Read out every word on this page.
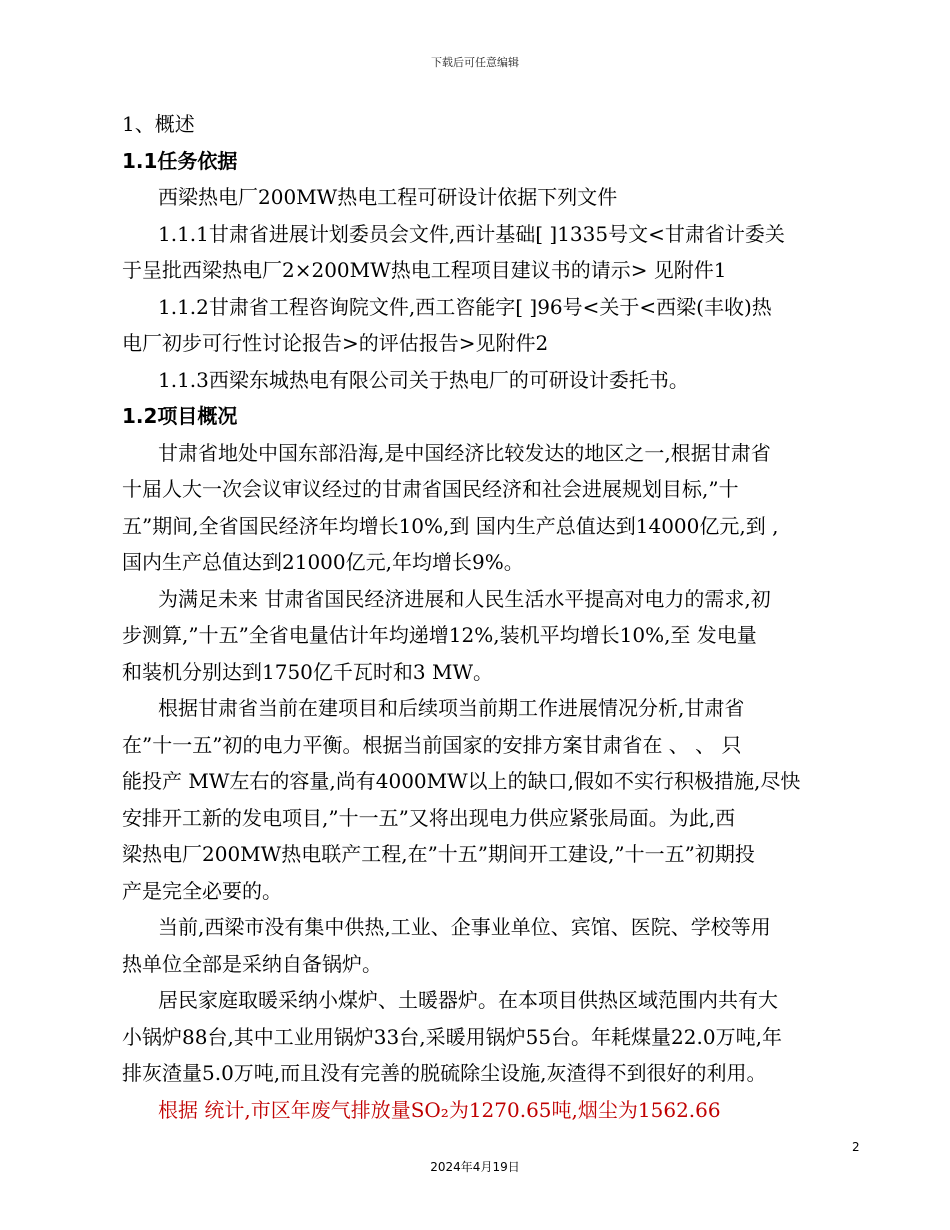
下载后可任意编辑
1、概述
1.1任务依据
西梁热电厂200MW热电工程可研设计依据下列文件
1.1.1甘肃省进展计划委员会文件,西计基础[ ]1335号文<甘肃省计委关
于呈批西梁热电厂2×200MW热电工程项目建议书的请示> 见附件1
1.1.2甘肃省工程咨询院文件,西工咨能字[ ]96号<关于<西梁(丰收)热
电厂初步可行性讨论报告>的评估报告>见附件2
1.1.3西梁东城热电有限公司关于热电厂的可研设计委托书。
1.2项目概况
甘肃省地处中国东部沿海,是中国经济比较发达的地区之一,根据甘肃省
十届人大一次会议审议经过的甘肃省国民经济和社会进展规划目标,”十
五”期间,全省国民经济年均增长10%,到 国内生产总值达到14000亿元,到 ,
国内生产总值达到21000亿元,年均增长9%。
为满足未来 甘肃省国民经济进展和人民生活水平提高对电力的需求,初
步测算,”十五”全省电量估计年均递增12%,装机平均增长10%,至 发电量
和装机分别达到1750亿千瓦时和3 MW。
根据甘肃省当前在建项目和后续项当前期工作进展情况分析,甘肃省
在”十一五”初的电力平衡。根据当前国家的安排方案甘肃省在 、 、 只
能投产 MW左右的容量,尚有4000MW以上的缺口,假如不实行积极措施,尽快
安排开工新的发电项目,”十一五”又将出现电力供应紧张局面。为此,西
梁热电厂200MW热电联产工程,在”十五”期间开工建设,”十一五”初期投
产是完全必要的。
当前,西梁市没有集中供热,工业、企事业单位、宾馆、医院、学校等用
热单位全部是采纳自备锅炉。
居民家庭取暖采纳小煤炉、土暖器炉。在本项目供热区域范围内共有大
小锅炉88台,其中工业用锅炉33台,采暖用锅炉55台。年耗煤量22.0万吨,年
排灰渣量5.0万吨,而且没有完善的脱硫除尘设施,灰渣得不到很好的利用。
根据 统计,市区年废气排放量SO₂为1270.65吨,烟尘为1562.66
2
2024年4月19日
